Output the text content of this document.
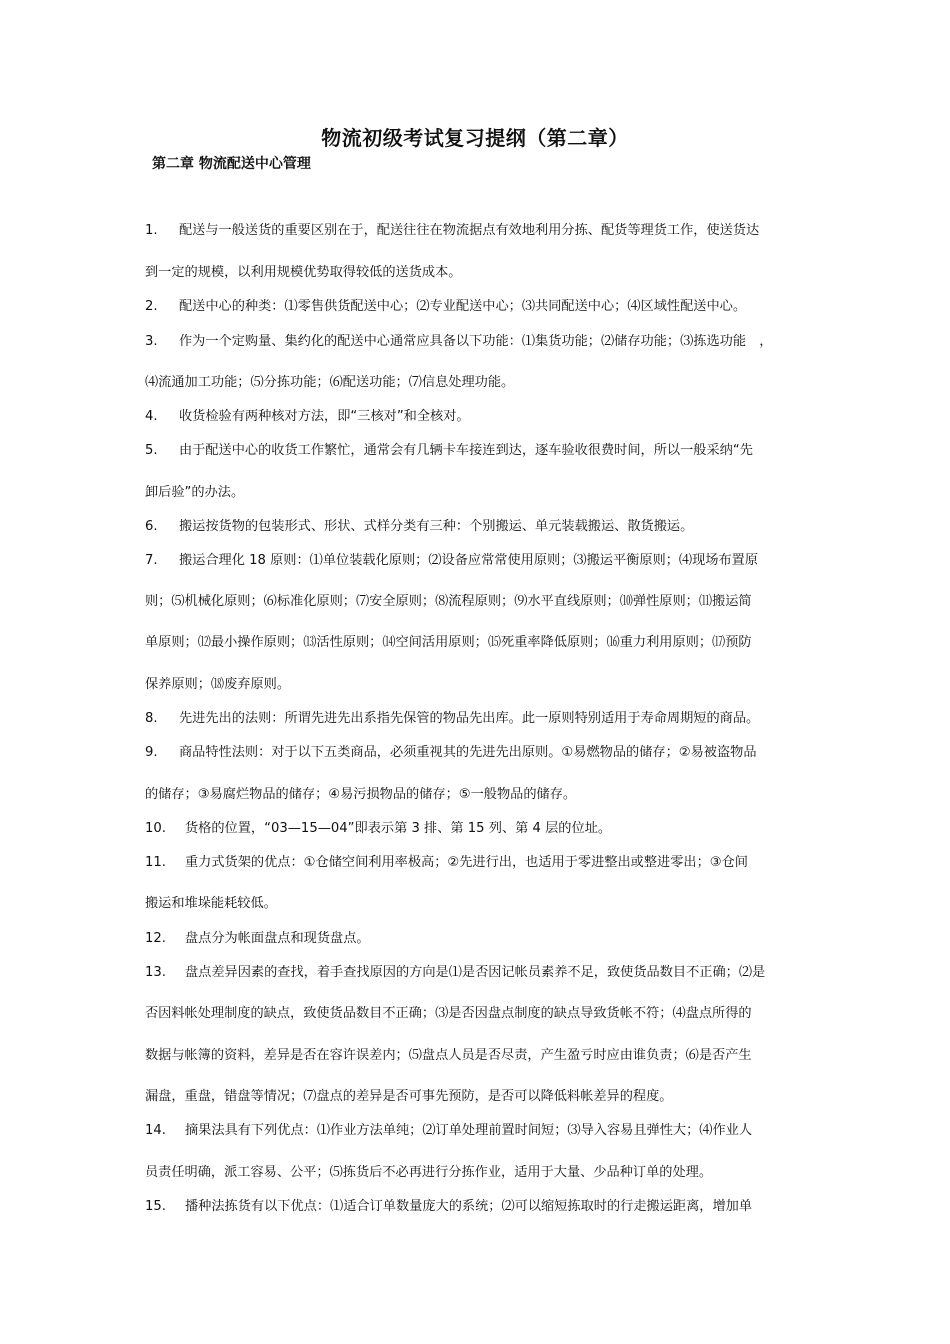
物流初级考试复习提纲（第二章）
第二章 物流配送中心管理
1. 配送与一般送货的重要区别在于，配送往往在物流据点有效地利用分拣、配货等理货工作，使送货达
到一定的规模，以利用规模优势取得较低的送货成本。
2. 配送中心的种类：⑴零售供货配送中心；⑵专业配送中心；⑶共同配送中心；⑷区域性配送中心。
3. 作为一个定购量、集约化的配送中心通常应具备以下功能：⑴集货功能；⑵储存功能；⑶拣选功能　，
⑷流通加工功能；⑸分拣功能；⑹配送功能；⑺信息处理功能。
4. 收货检验有两种核对方法，即“三核对”和全核对。
5. 由于配送中心的收货工作繁忙，通常会有几辆卡车接连到达，逐车验收很费时间，所以一般采纳“先
卸后验”的办法。
6. 搬运按货物的包装形式、形状、式样分类有三种：个别搬运、单元装载搬运、散货搬运。
7. 搬运合理化 18 原则：⑴单位装载化原则；⑵设备应常常使用原则；⑶搬运平衡原则；⑷现场布置原
则；⑸机械化原则；⑹标准化原则；⑺安全原则；⑻流程原则；⑼水平直线原则；⑽弹性原则；⑾搬运简
单原则；⑿最小操作原则；⒀活性原则；⒁空间活用原则；⒂死重率降低原则；⒃重力利用原则；⒄预防
保养原则；⒅废弃原则。
8. 先进先出的法则：所谓先进先出系指先保管的物品先出库。此一原则特别适用于寿命周期短的商品。
9. 商品特性法则：对于以下五类商品，必须重视其的先进先出原则。①易燃物品的储存；②易被盗物品
的储存；③易腐烂物品的储存；④易污损物品的储存；⑤一般物品的储存。
10. 货格的位置，“03—15—04”即表示第 3 排、第 15 列、第 4 层的位址。
11. 重力式货架的优点：①仓储空间利用率极高；②先进行出，也适用于零进整出或整进零出；③仓间
搬运和堆垛能耗较低。
12. 盘点分为帐面盘点和现货盘点。
13. 盘点差异因素的查找，着手查找原因的方向是⑴是否因记帐员素养不足，致使货品数目不正确；⑵是
否因料帐处理制度的缺点，致使货品数目不正确；⑶是否因盘点制度的缺点导致货帐不符；⑷盘点所得的
数据与帐簿的资料，差异是否在容许误差内；⑸盘点人员是否尽责，产生盈亏时应由谁负责；⑹是否产生
漏盘，重盘，错盘等情况；⑺盘点的差异是否可事先预防，是否可以降低料帐差异的程度。
14. 摘果法具有下列优点：⑴作业方法单纯；⑵订单处理前置时间短；⑶导入容易且弹性大；⑷作业人
员责任明确，派工容易、公平；⑸拣货后不必再进行分拣作业，适用于大量、少品种订单的处理。
15. 播种法拣货有以下优点：⑴适合订单数量庞大的系统；⑵可以缩短拣取时的行走搬运距离，增加单
